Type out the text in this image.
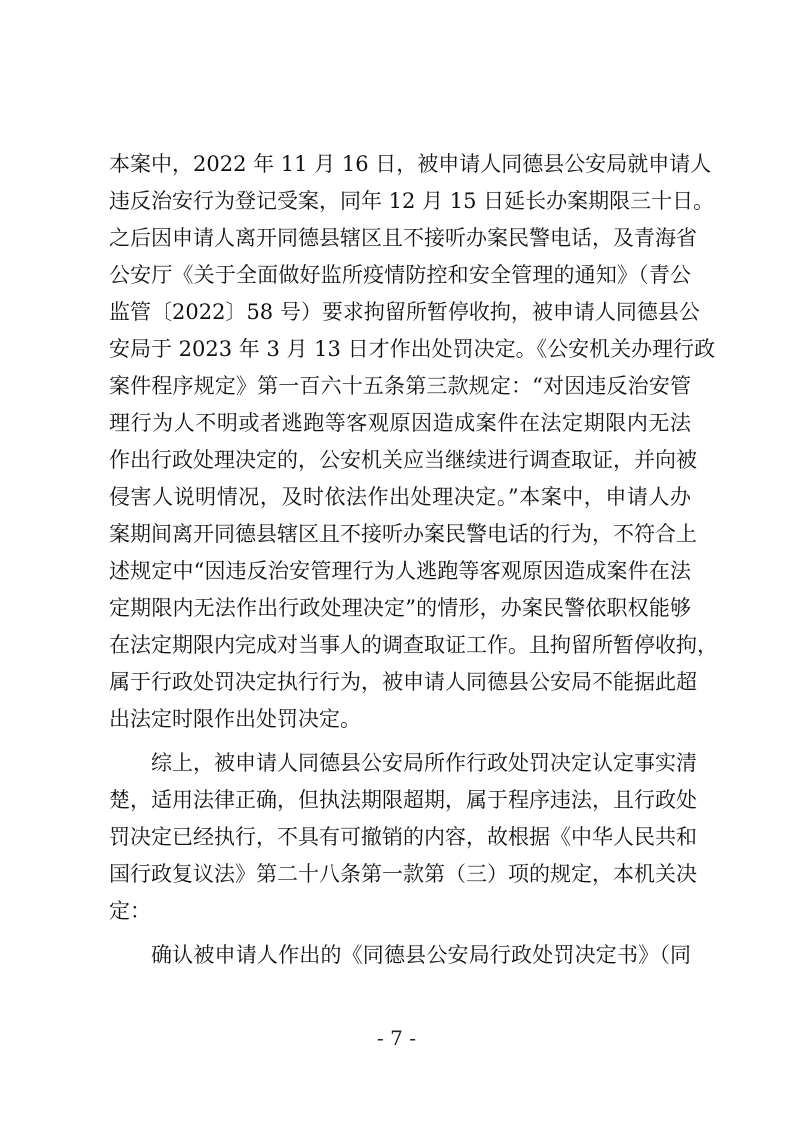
本案中，2022 年 11 月 16 日，被申请人同德县公安局就申请人
违反治安行为登记受案，同年 12 月 15 日延长办案期限三十日。
之后因申请人离开同德县辖区且不接听办案民警电话，及青海省
公安厅《关于全面做好监所疫情防控和安全管理的通知》（青公
监管〔2022〕58 号）要求拘留所暂停收拘，被申请人同德县公
安局于 2023 年 3 月 13 日才作出处罚决定。《公安机关办理行政
案件程序规定》第一百六十五条第三款规定：“对因违反治安管
理行为人不明或者逃跑等客观原因造成案件在法定期限内无法
作出行政处理决定的，公安机关应当继续进行调查取证，并向被
侵害人说明情况，及时依法作出处理决定。”本案中，申请人办
案期间离开同德县辖区且不接听办案民警电话的行为，不符合上
述规定中“因违反治安管理行为人逃跑等客观原因造成案件在法
定期限内无法作出行政处理决定”的情形，办案民警依职权能够
在法定期限内完成对当事人的调查取证工作。且拘留所暂停收拘，
属于行政处罚决定执行行为，被申请人同德县公安局不能据此超
出法定时限作出处罚决定。
综上，被申请人同德县公安局所作行政处罚决定认定事实清
楚，适用法律正确，但执法期限超期，属于程序违法，且行政处
罚决定已经执行，不具有可撤销的内容，故根据《中华人民共和
国行政复议法》第二十八条第一款第（三）项的规定，本机关决
定：
确认被申请人作出的《同德县公安局行政处罚决定书》（同
- 7 -
